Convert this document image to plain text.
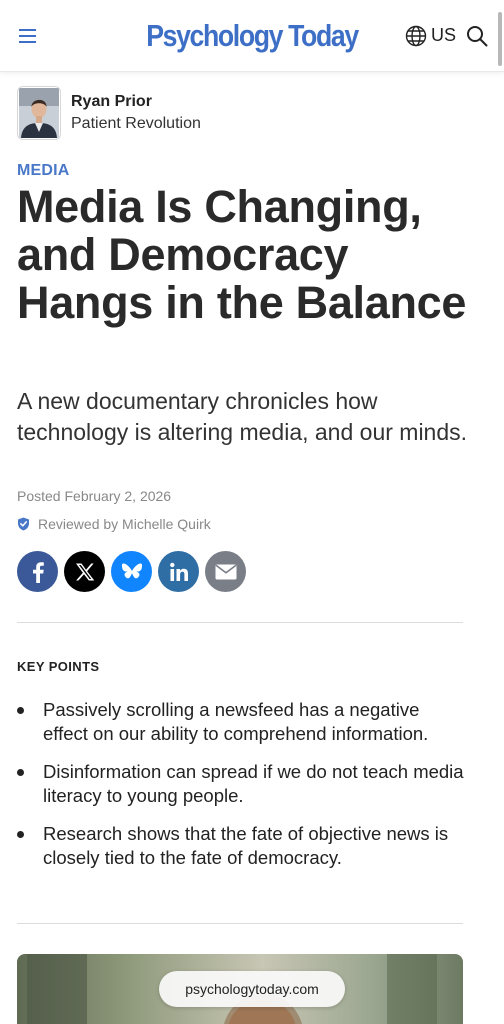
Psychology Today	US
Ryan Prior
Patient Revolution
MEDIA
Media Is Changing, and Democracy Hangs in the Balance

A new documentary chronicles how technology is altering media, and our minds.

Posted February 2, 2026
Reviewed by Michelle Quirk
KEY POINTS
Passively scrolling a newsfeed has a negative effect on our ability to comprehend information.
Disinformation can spread if we do not teach media literacy to young people.
Research shows that the fate of objective news is closely tied to the fate of democracy.
psychologytoday.com
